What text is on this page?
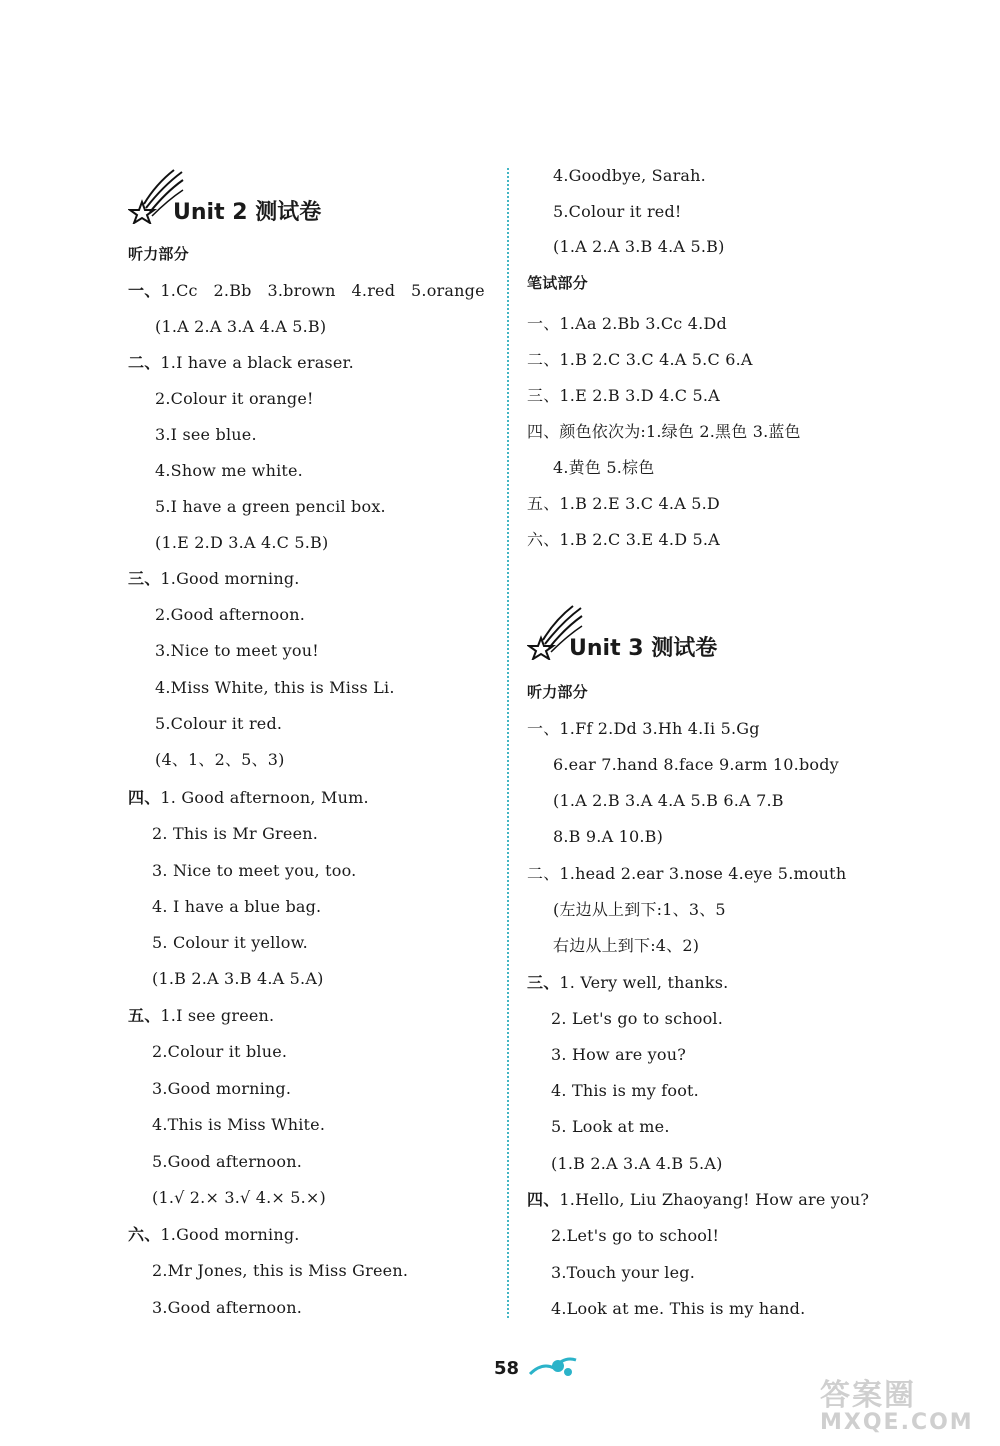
Unit 2 测试卷
听力部分
一、1.Cc 2.Bb 3.brown 4.red 5.orange
(1.A 2.A 3.A 4.A 5.B)
二、1.I have a black eraser.
2.Colour it orange!
3.I see blue.
4.Show me white.
5.I have a green pencil box.
(1.E 2.D 3.A 4.C 5.B)
三、1.Good morning.
2.Good afternoon.
3.Nice to meet you!
4.Miss White, this is Miss Li.
5.Colour it red.
(4、1、2、5、3)
四、1. Good afternoon, Mum.
2. This is Mr Green.
3. Nice to meet you, too.
4. I have a blue bag.
5. Colour it yellow.
(1.B 2.A 3.B 4.A 5.A)
五、1.I see green.
2.Colour it blue.
3.Good morning.
4.This is Miss White.
5.Good afternoon.
(1.√ 2.× 3.√ 4.× 5.×)
六、1.Good morning.
2.Mr Jones, this is Miss Green.
3.Good afternoon.
4.Goodbye, Sarah.
5.Colour it red!
(1.A 2.A 3.B 4.A 5.B)
笔试部分
一、1.Aa 2.Bb 3.Cc 4.Dd
二、1.B 2.C 3.C 4.A 5.C 6.A
三、1.E 2.B 3.D 4.C 5.A
四、颜色依次为:1.绿色 2.黑色 3.蓝色
4.黄色 5.棕色
五、1.B 2.E 3.C 4.A 5.D
六、1.B 2.C 3.E 4.D 5.A
Unit 3 测试卷
听力部分
一、1.Ff 2.Dd 3.Hh 4.Ii 5.Gg
6.ear 7.hand 8.face 9.arm 10.body
(1.A 2.B 3.A 4.A 5.B 6.A 7.B
8.B 9.A 10.B)
二、1.head 2.ear 3.nose 4.eye 5.mouth
(左边从上到下:1、3、5
右边从上到下:4、2)
三、1. Very well, thanks.
2. Let's go to school.
3. How are you?
4. This is my foot.
5. Look at me.
(1.B 2.A 3.A 4.B 5.A)
四、1.Hello, Liu Zhaoyang! How are you?
2.Let's go to school!
3.Touch your leg.
4.Look at me. This is my hand.
58
答案圈
MXQE.COM
